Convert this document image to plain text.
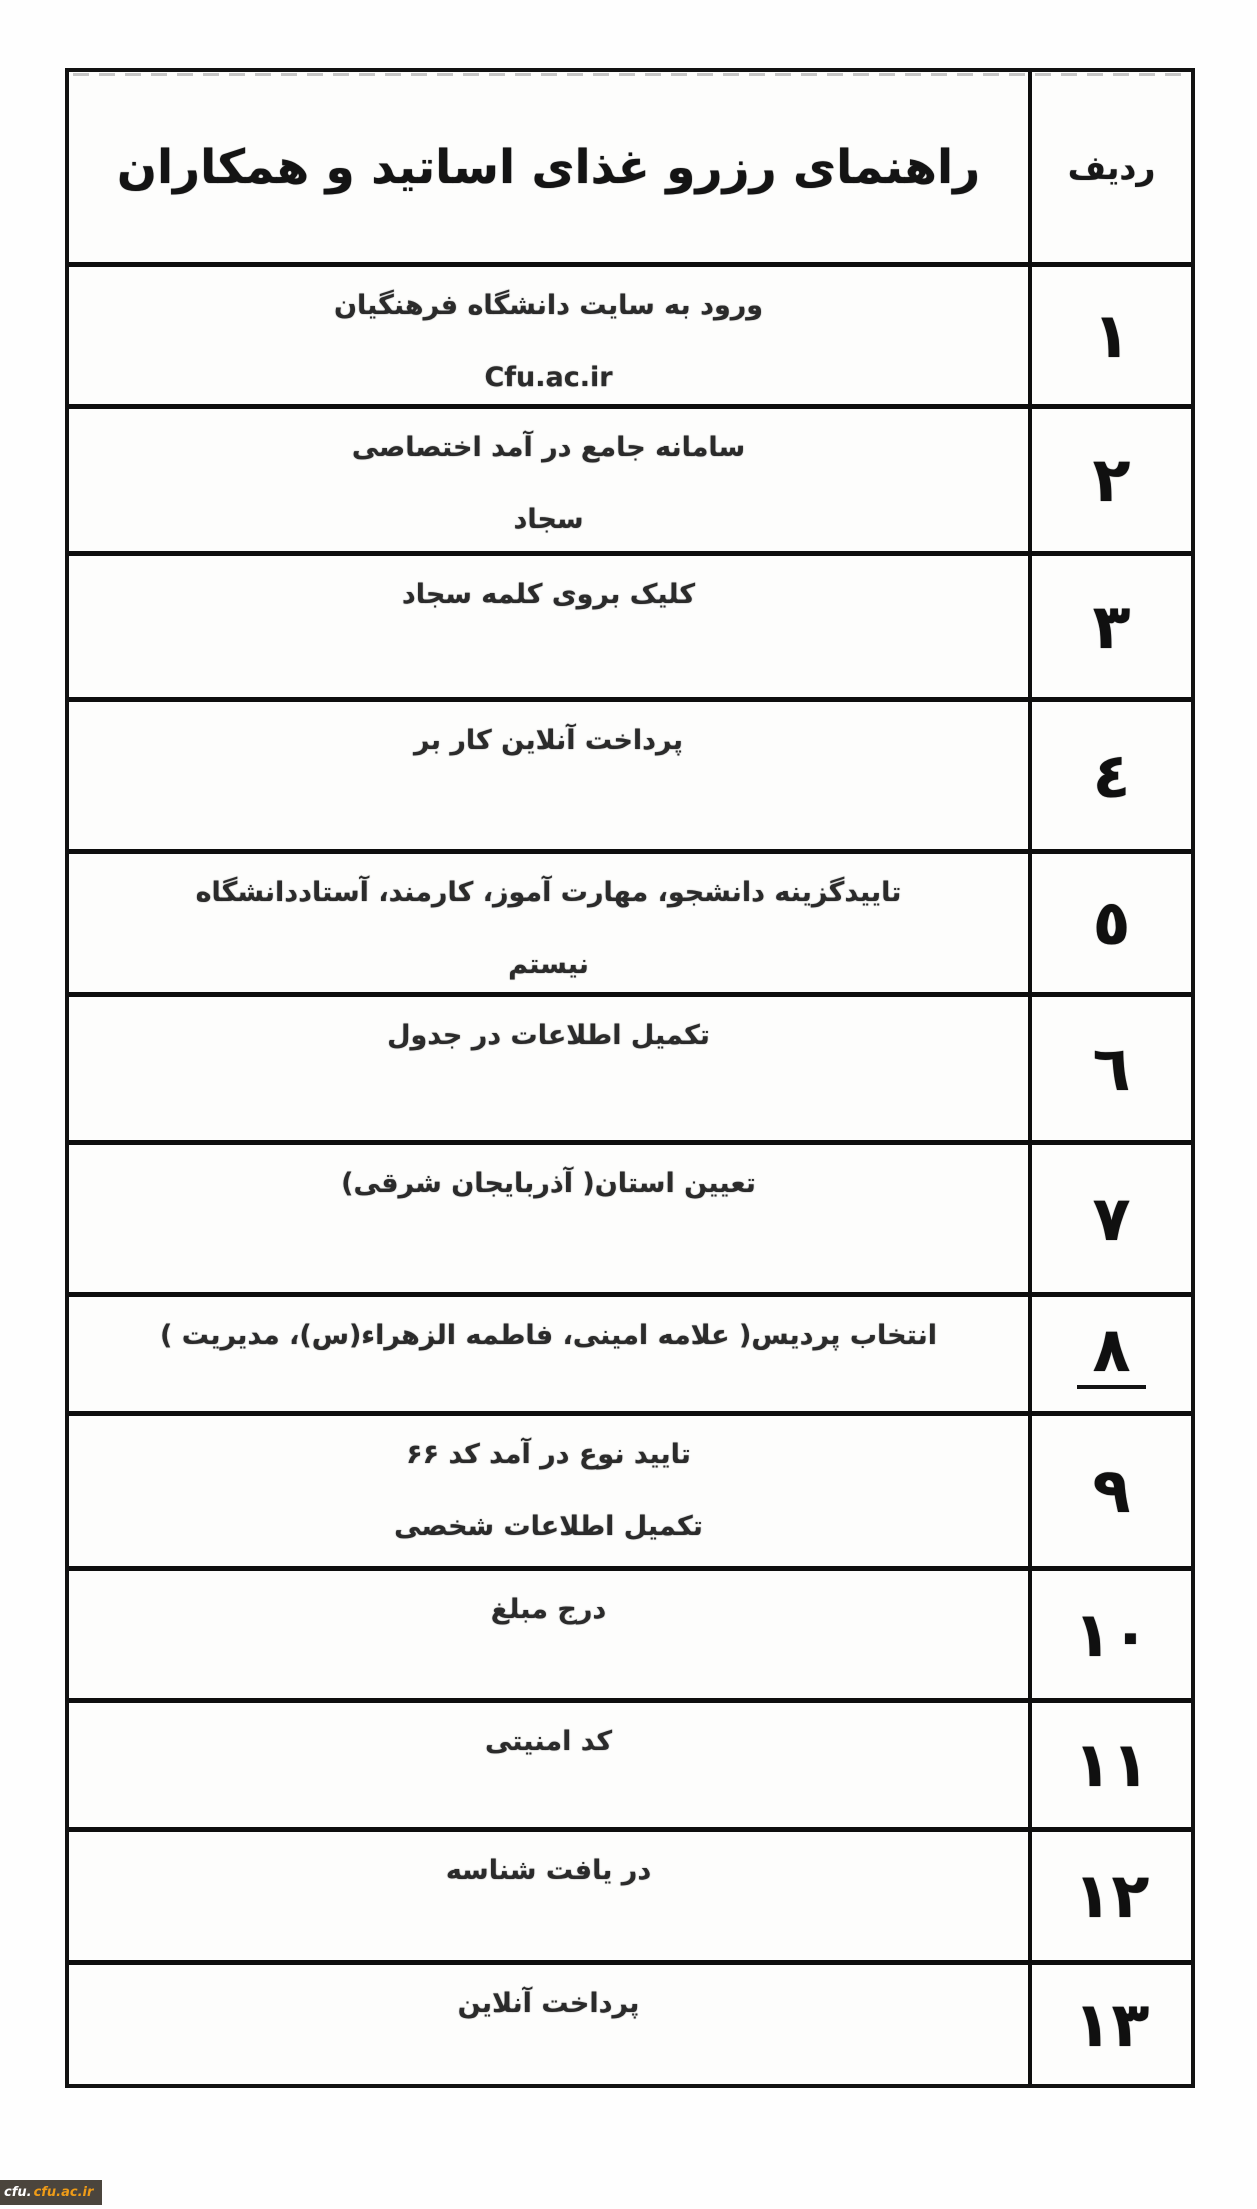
ردیف
راهنمای رزرو غذای اساتید و همکاران
۱
ورود به سایت دانشگاه فرهنگیان
Cfu.ac.ir
۲
سامانه جامع در آمد اختصاصی
سجاد
۳
کلیک بروی کلمه سجاد
٤
پرداخت آنلاین کار بر
٥
تاییدگزینه دانشجو، مهارت آموز، کارمند، آستاددانشگاه
نیستم
٦
تکمیل اطلاعات در جدول
۷
تعیین استان( آذربایجان شرقی)
۸
انتخاب پردیس( علامه امینی، فاطمه الزهراء(س)، مدیریت )
۹
تایید نوع در آمد کد ۶۶
تکمیل اطلاعات شخصی
۱۰
درج مبلغ
۱۱
کد امنیتی
۱۲
در یافت شناسه
۱۳
پرداخت آنلاین
cfu. cfu.ac.ir
